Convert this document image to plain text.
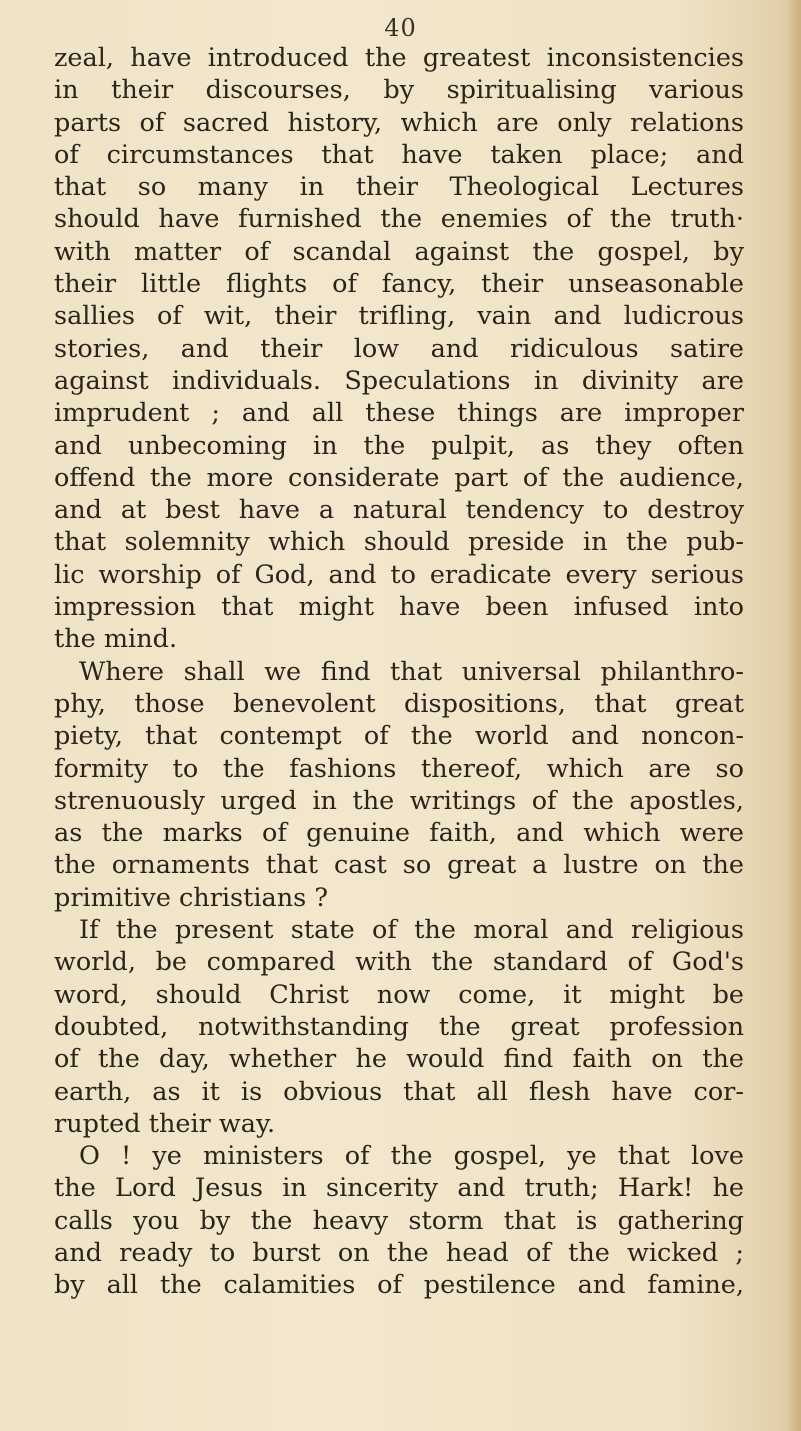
40
zeal, have introduced the greatest inconsistencies
in their discourses, by spiritualising various
parts of sacred history, which are only relations
of circumstances that have taken place; and
that so many in their Theological Lectures
should have furnished the enemies of the truth·
with matter of scandal against the gospel, by
their little flights of fancy, their unseasonable
sallies of wit, their trifling, vain and ludicrous
stories, and their low and ridiculous satire
against individuals. Speculations in divinity are
imprudent ; and all these things are improper
and unbecoming in the pulpit, as they often
offend the more considerate part of the audience,
and at best have a natural tendency to destroy
that solemnity which should preside in the pub-
lic worship of God, and to eradicate every serious
impression that might have been infused into
the mind.
Where shall we find that universal philanthro-
phy, those benevolent dispositions, that great
piety, that contempt of the world and noncon-
formity to the fashions thereof, which are so
strenuously urged in the writings of the apostles,
as the marks of genuine faith, and which were
the ornaments that cast so great a lustre on the
primitive christians ?
If the present state of the moral and religious
world, be compared with the standard of God's
word, should Christ now come, it might be
doubted, notwithstanding the great profession
of the day, whether he would find faith on the
earth, as it is obvious that all flesh have cor-
rupted their way.
O ! ye ministers of the gospel, ye that love
the Lord Jesus in sincerity and truth; Hark! he
calls you by the heavy storm that is gathering
and ready to burst on the head of the wicked ;
by all the calamities of pestilence and famine,
